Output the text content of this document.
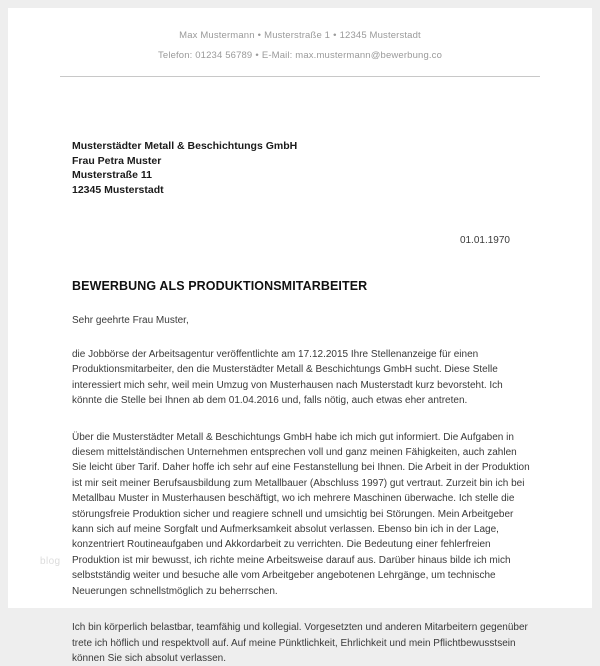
Max Mustermann • Musterstraße 1 • 12345 Musterstadt
Telefon: 01234 56789 • E-Mail: max.mustermann@bewerbung.co
Musterstädter Metall & Beschichtungs GmbH
Frau Petra Muster
Musterstraße 11
12345 Musterstadt
01.01.1970
BEWERBUNG ALS PRODUKTIONSMITARBEITER
Sehr geehrte Frau Muster,
die Jobbörse der Arbeitsagentur veröffentlichte am 17.12.2015 Ihre Stellenanzeige für einen Produktionsmitarbeiter, den die Musterstädter Metall & Beschichtungs GmbH sucht. Diese Stelle interessiert mich sehr, weil mein Umzug von Musterhausen nach Musterstadt kurz bevorsteht. Ich könnte die Stelle bei Ihnen ab dem 01.04.2016 und, falls nötig, auch etwas eher antreten.
Über die Musterstädter Metall & Beschichtungs GmbH habe ich mich gut informiert. Die Aufgaben in diesem mittelständischen Unternehmen entsprechen voll und ganz meinen Fähigkeiten, auch zahlen Sie leicht über Tarif. Daher hoffe ich sehr auf eine Festanstellung bei Ihnen. Die Arbeit in der Produktion ist mir seit meiner Berufsausbildung zum Metallbauer (Abschluss 1997) gut vertraut. Zurzeit bin ich bei Metallbau Muster in Musterhausen beschäftigt, wo ich mehrere Maschinen überwache. Ich stelle die störungsfreie Produktion sicher und reagiere schnell und umsichtig bei Störungen. Mein Arbeitgeber kann sich auf meine Sorgfalt und Aufmerksamkeit absolut verlassen. Ebenso bin ich in der Lage, konzentriert Routineaufgaben und Akkordarbeit zu verrichten. Die Bedeutung einer fehlerfreien Produktion ist mir bewusst, ich richte meine Arbeitsweise darauf aus. Darüber hinaus bilde ich mich selbstständig weiter und besuche alle vom Arbeitgeber angebotenen Lehrgänge, um technische Neuerungen schnellstmöglich zu beherrschen.
Ich bin körperlich belastbar, teamfähig und kollegial. Vorgesetzten und anderen Mitarbeitern gegenüber trete ich höflich und respektvoll auf. Auf meine Pünktlichkeit, Ehrlichkeit und mein Pflichtbewusstsein können Sie sich absolut verlassen.
blog
